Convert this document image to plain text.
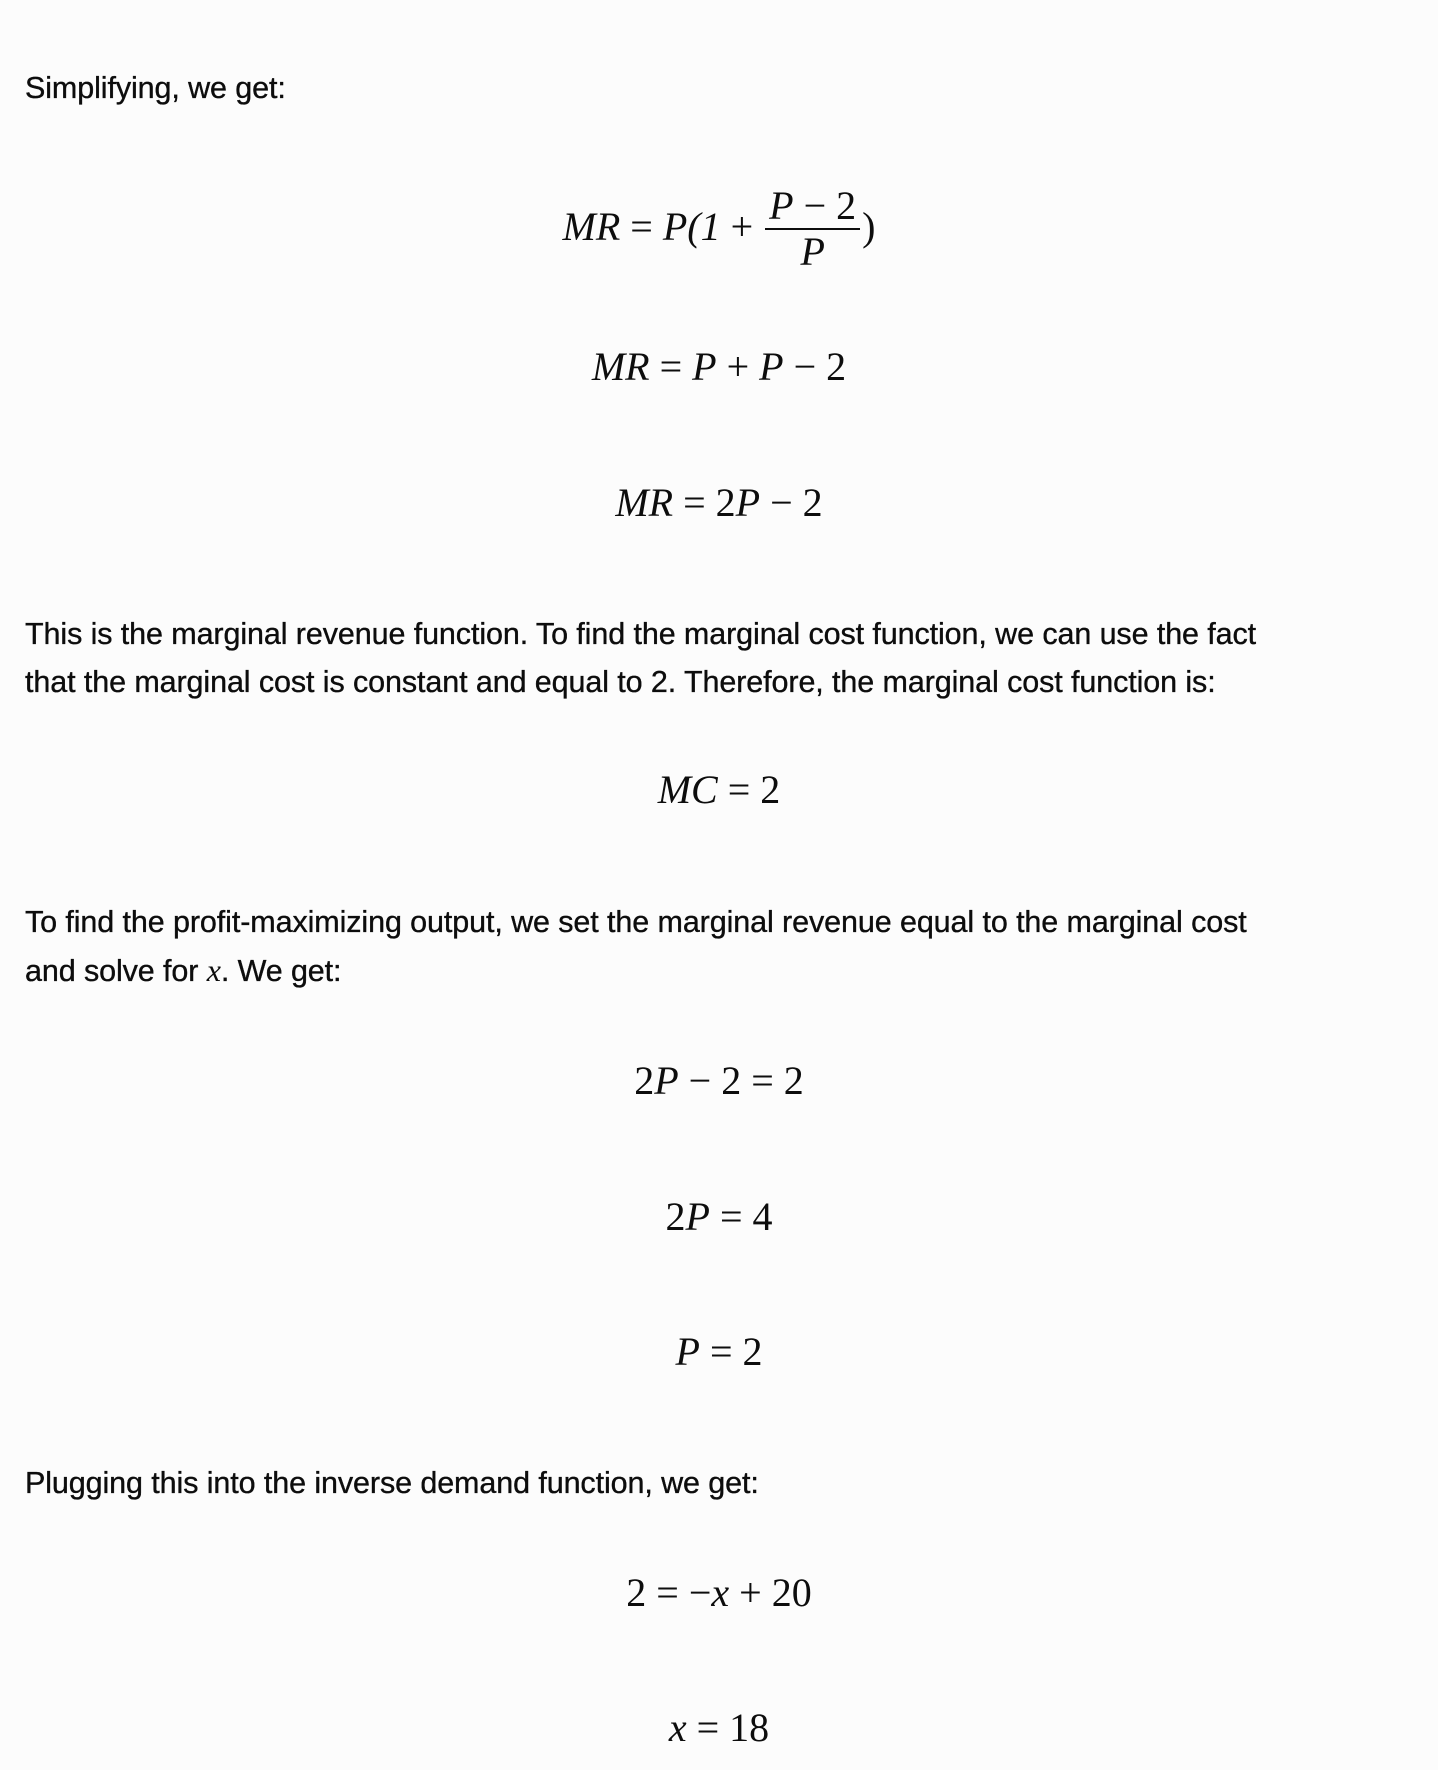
Simplifying, we get:

MR = $P(1 + \frac{P - 2}{P}$ )
MR = P + P − 2
MR = 2P − 2

This is the marginal revenue function. To find the marginal cost function, we can use the fact
that the marginal cost is constant and equal to 2. Therefore, the marginal cost function is:

MC = 2

To find the profit-maximizing output, we set the marginal revenue equal to the marginal cost
and solve for x. We get:

2P − 2 = 2
2P = 4
P = 2

Plugging this into the inverse demand function, we get:

2 = −x + 20
x = 18
